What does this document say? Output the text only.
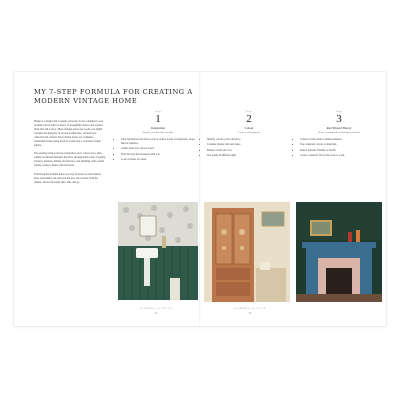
MY 7-STEP FORMULA FOR CREATING A MODERN VINTAGE HOME

Home is a design that is deeply personal. To be considered, your formula can be built on layers of thoughtful choices and curated finds that tell a story. Three vintage pieces per room, you might consider the interplay of art and architecture, old and new, collected and crafted. The formula layers for a timeless, sustainable home using lived-in rooms and a controlled colour palette.

The starting point is always inspiration and a colour story, then adding red thread elements that flow through each room. Layering textures, patterns, mixing old and new, and finishing with careful styling creates a home with character.

Following the formula helps you stay focused on what matters most and balance the old with the new, the eclectic with the simple, and avoid trends that come and go.

Step
1
Inspiration
Identify your direction and style
• Take inspiration from places you've visited, books or magazines, shops, historic interiors.
• Gather ideas into a mood board.
• Find the style that resonates with you.
• Look to nature for ideas.
ELEMENTS OF STYLE
14
Step
2
Colour
Create a colour palette
• Identify colours you're drawn to.
• Consider shades, tints and tones.
• Balance warm and cool.
• Test paints in different light.
Step
3
Red Thread Theory
Weave a common thread through your home
• Connect rooms with a common element.
• Use consistent colours or materials.
• Repeat patterns, finishes or motifs.
• Create a cohesive flow from room to room.
ELEMENTS OF STYLE
15
